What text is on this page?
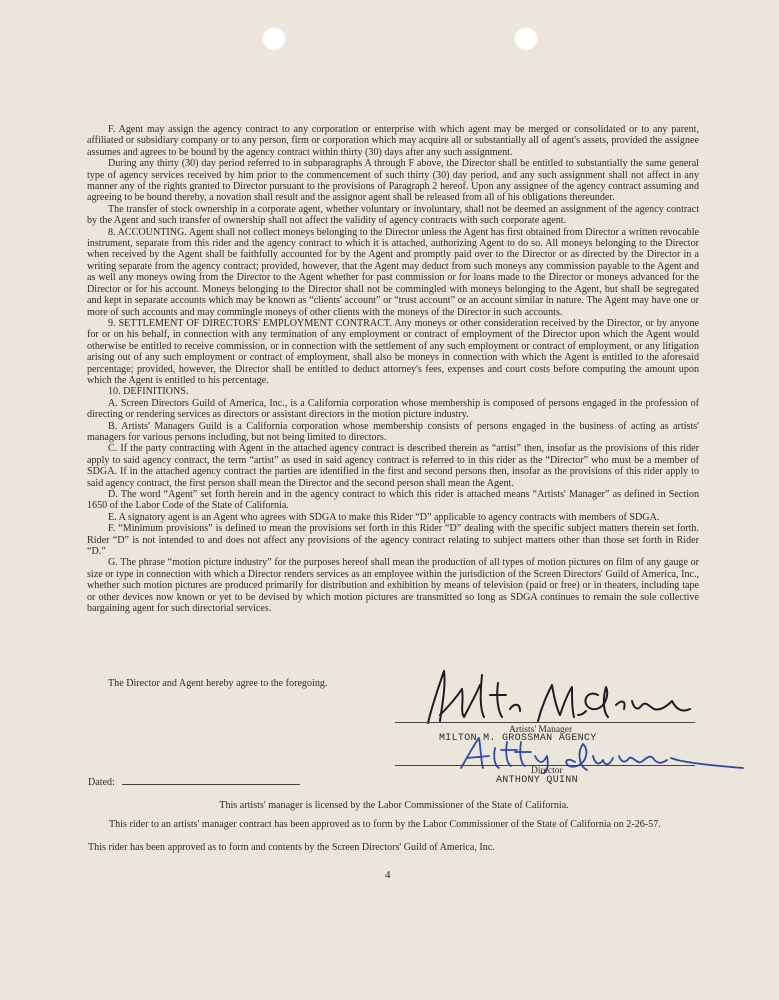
F. Agent may assign the agency contract to any corporation or enterprise with which agent may be merged or consolidated or to any parent, affiliated or subsidiary company or to any person, firm or corporation which may acquire all or substantially all of agent's assets, provided the assignee assumes and agrees to be bound by the agency contract within thirty (30) days after any such assignment.

During any thirty (30) day period referred to in subparagraphs A through F above, the Director shall be entitled to substantially the same general type of agency services received by him prior to the commencement of such thirty (30) day period, and any such assignment shall not affect in any manner any of the rights granted to Director pursuant to the provisions of Paragraph 2 hereof. Upon any assignee of the agency contract assuming and agreeing to be bound thereby, a novation shall result and the assignor agent shall be released from all of his obligations thereunder.

The transfer of stock ownership in a corporate agent, whether voluntary or involuntary, shall not be deemed an assignment of the agency contract by the Agent and such transfer of ownership shall not affect the validity of agency contracts with such corporate agent.

8. ACCOUNTING. Agent shall not collect moneys belonging to the Director unless the Agent has first obtained from Director a written revocable instrument, separate from this rider and the agency contract to which it is attached, authorizing Agent to do so. All moneys belonging to the Director when received by the Agent shall be faithfully accounted for by the Agent and promptly paid over to the Director or as directed by the Director in a writing separate from the agency contract; provided, however, that the Agent may deduct from such moneys any commission payable to the Agent and as well any moneys owing from the Director to the Agent whether for past commission or for loans made to the Director or moneys advanced for the Director or for his account. Moneys belonging to the Director shall not be commingled with moneys belonging to the Agent, but shall be segregated and kept in separate accounts which may be known as “clients' account” or “trust account” or an account similar in nature. The Agent may have one or more of such accounts and may commingle moneys of other clients with the moneys of the Director in such accounts.

9. SETTLEMENT OF DIRECTORS' EMPLOYMENT CONTRACT. Any moneys or other consideration received by the Director, or by anyone for or on his behalf, in connection with any termination of any employment or contract of employment of the Director upon which the Agent would otherwise be entitled to receive commission, or in connection with the settlement of any such employment or contract of employment, or any litigation arising out of any such employment or contract of employment, shall also be moneys in connection with which the Agent is entitled to the aforesaid percentage; provided, however, the Director shall be entitled to deduct attorney's fees, expenses and court costs before computing the amount upon which the Agent is entitled to his percentage.

10. DEFINITIONS.

A. Screen Directors Guild of America, Inc., is a California corporation whose membership is composed of persons engaged in the profession of directing or rendering services as directors or assistant directors in the motion picture industry.

B. Artists' Managers Guild is a California corporation whose membership consists of persons engaged in the business of acting as artists' managers for various persons including, but not being limited to directors.

C. If the party contracting with Agent in the attached agency contract is described therein as “artist” then, insofar as the provisions of this rider apply to said agency contract, the term “artist” as used in said agency contract is referred to in this rider as the “Director” who must be a member of SDGA. If in the attached agency contract the parties are identified in the first and second persons then, insofar as the provisions of this rider apply to said agency contract, the first person shall mean the Director and the second person shall mean the Agent.

D. The word “Agent” set forth herein and in the agency contract to which this rider is attached means “Artists' Manager” as defined in Section 1650 of the Labor Code of the State of California.

E. A signatory agent is an Agent who agrees with SDGA to make this Rider “D” applicable to agency contracts with members of SDGA.

F. “Minimum provisions” is defined to mean the provisions set forth in this Rider “D” dealing with the specific subject matters therein set forth. Rider “D” is not intended to and does not affect any provisions of the agency contract relating to subject matters other than those set forth in Rider “D.”

G. The phrase “motion picture industry” for the purposes hereof shall mean the production of all types of motion pictures on film of any gauge or size or type in connection with which a Director renders services as an employee within the jurisdiction of the Screen Directors' Guild of America, Inc., whether such motion pictures are produced primarily for distribution and exhibition by means of television (paid or free) or in theaters, including tape or other devices now known or yet to be devised by which motion pictures are transmitted so long as SDGA continues to remain the sole collective bargaining agent for such directorial services.

The Director and Agent hereby agree to the foregoing.
Artists' Manager
MILTON M. GROSSMAN AGENCY
Director
ANTHONY QUINN
Dated:
This artists' manager is licensed by the Labor Commissioner of the State of California.
This rider to an artists' manager contract has been approved as to form by the Labor Commissioner of the State of California on 2-26-57.
This rider has been approved as to form and contents by the Screen Directors' Guild of America, Inc.
4
